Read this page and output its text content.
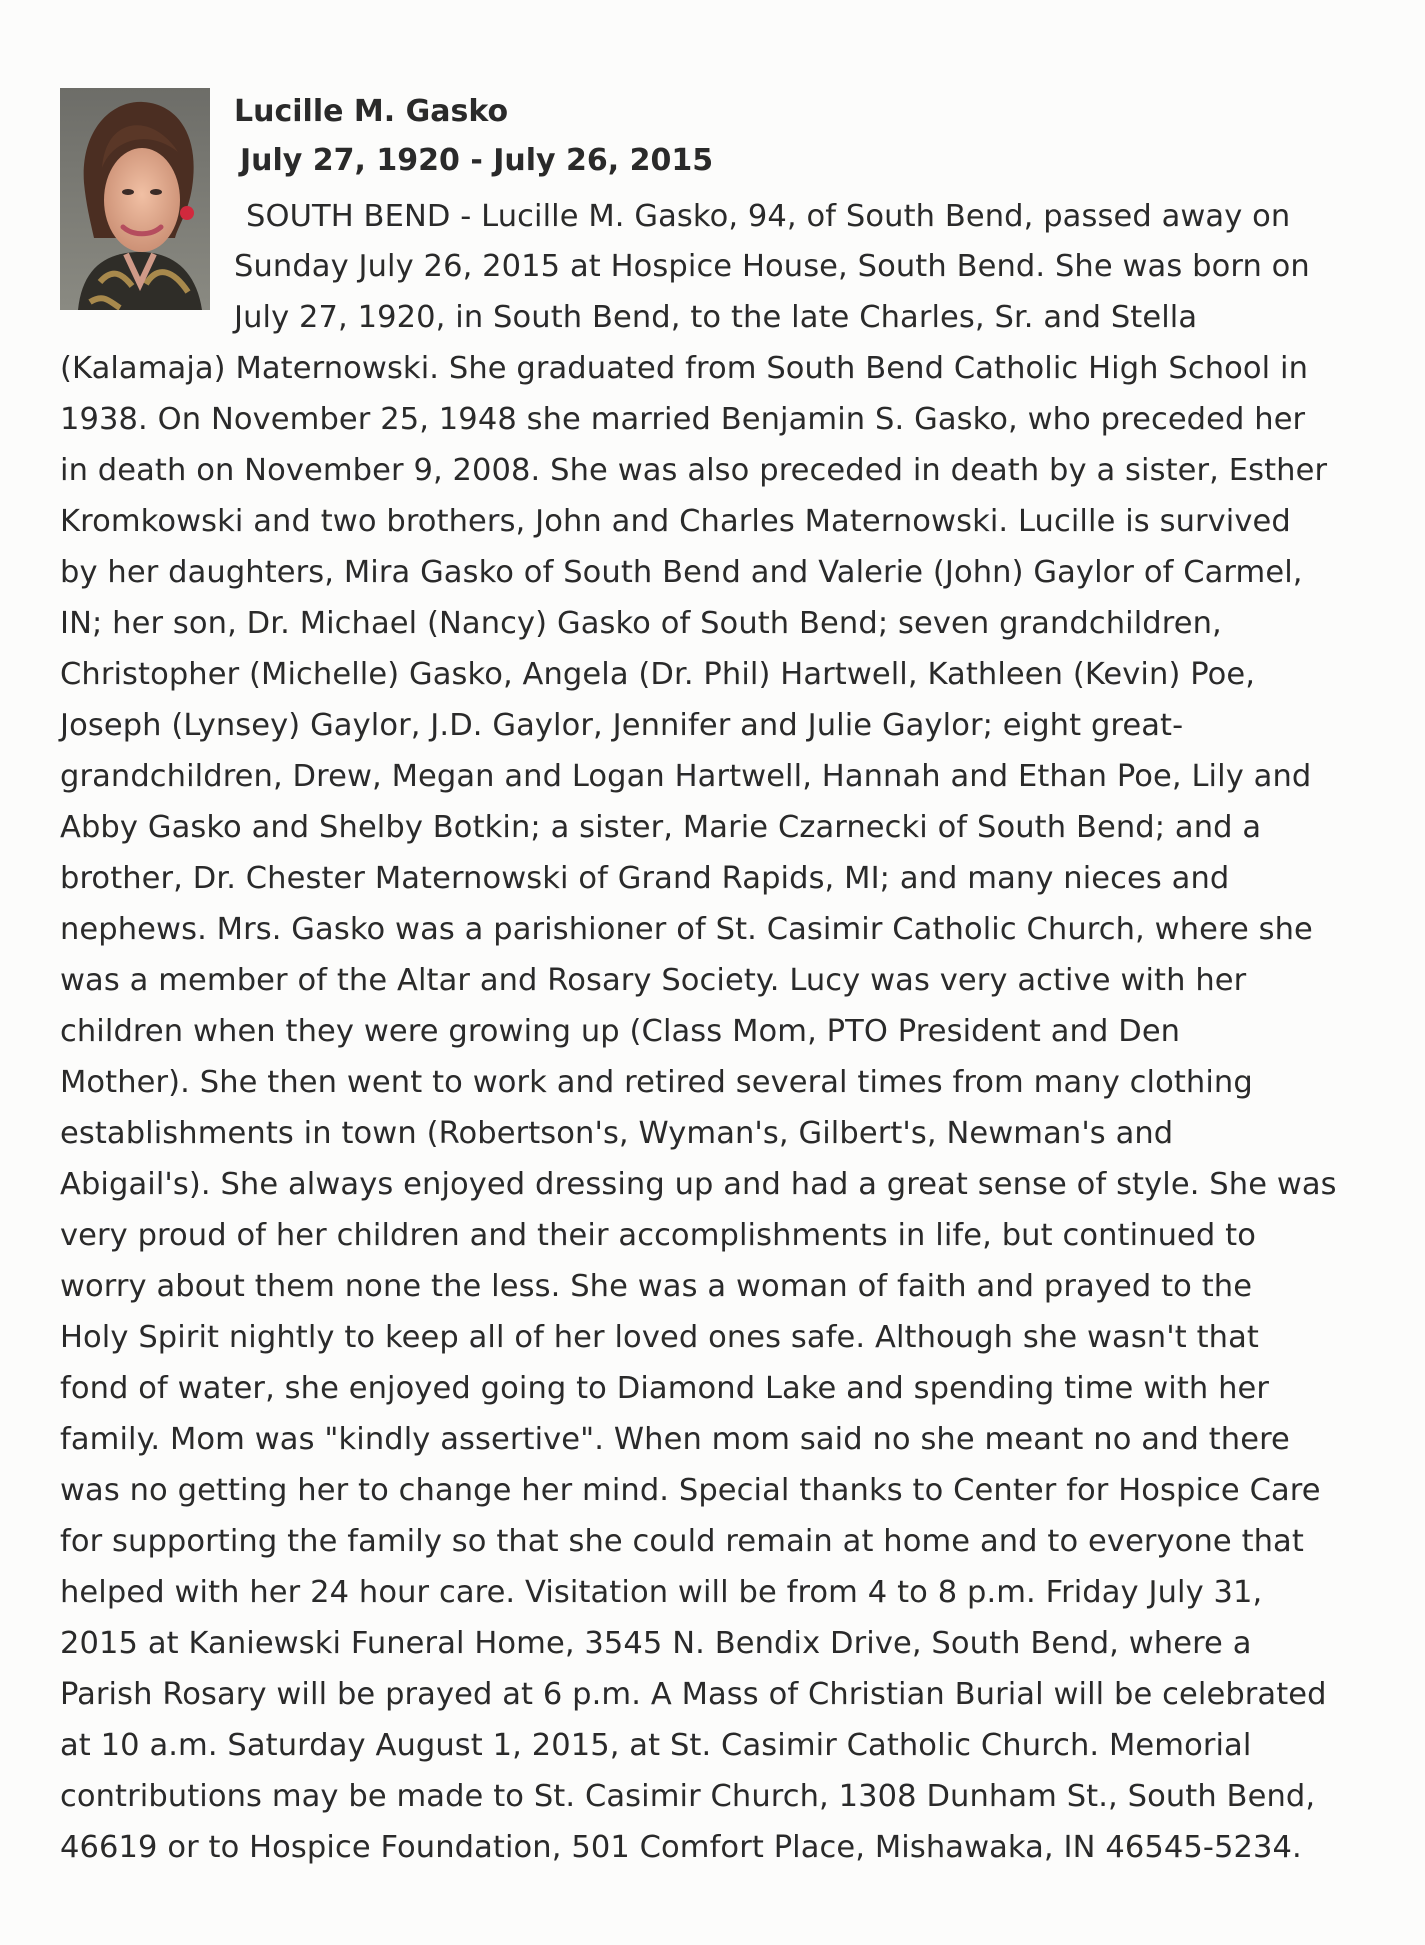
Lucille M. Gasko
July 27, 1920 - July 26, 2015
SOUTH BEND - Lucille M. Gasko, 94, of South Bend, passed away on
Sunday July 26, 2015 at Hospice House, South Bend. She was born on
July 27, 1920, in South Bend, to the late Charles, Sr. and Stella
(Kalamaja) Maternowski. She graduated from South Bend Catholic High School in
1938. On November 25, 1948 she married Benjamin S. Gasko, who preceded her
in death on November 9, 2008. She was also preceded in death by a sister, Esther
Kromkowski and two brothers, John and Charles Maternowski. Lucille is survived
by her daughters, Mira Gasko of South Bend and Valerie (John) Gaylor of Carmel,
IN; her son, Dr. Michael (Nancy) Gasko of South Bend; seven grandchildren,
Christopher (Michelle) Gasko, Angela (Dr. Phil) Hartwell, Kathleen (Kevin) Poe,
Joseph (Lynsey) Gaylor, J.D. Gaylor, Jennifer and Julie Gaylor; eight great-
grandchildren, Drew, Megan and Logan Hartwell, Hannah and Ethan Poe, Lily and
Abby Gasko and Shelby Botkin; a sister, Marie Czarnecki of South Bend; and a
brother, Dr. Chester Maternowski of Grand Rapids, MI; and many nieces and
nephews. Mrs. Gasko was a parishioner of St. Casimir Catholic Church, where she
was a member of the Altar and Rosary Society. Lucy was very active with her
children when they were growing up (Class Mom, PTO President and Den
Mother). She then went to work and retired several times from many clothing
establishments in town (Robertson's, Wyman's, Gilbert's, Newman's and
Abigail's). She always enjoyed dressing up and had a great sense of style. She was
very proud of her children and their accomplishments in life, but continued to
worry about them none the less. She was a woman of faith and prayed to the
Holy Spirit nightly to keep all of her loved ones safe. Although she wasn't that
fond of water, she enjoyed going to Diamond Lake and spending time with her
family. Mom was "kindly assertive". When mom said no she meant no and there
was no getting her to change her mind. Special thanks to Center for Hospice Care
for supporting the family so that she could remain at home and to everyone that
helped with her 24 hour care. Visitation will be from 4 to 8 p.m. Friday July 31,
2015 at Kaniewski Funeral Home, 3545 N. Bendix Drive, South Bend, where a
Parish Rosary will be prayed at 6 p.m. A Mass of Christian Burial will be celebrated
at 10 a.m. Saturday August 1, 2015, at St. Casimir Catholic Church. Memorial
contributions may be made to St. Casimir Church, 1308 Dunham St., South Bend,
46619 or to Hospice Foundation, 501 Comfort Place, Mishawaka, IN 46545-5234.
